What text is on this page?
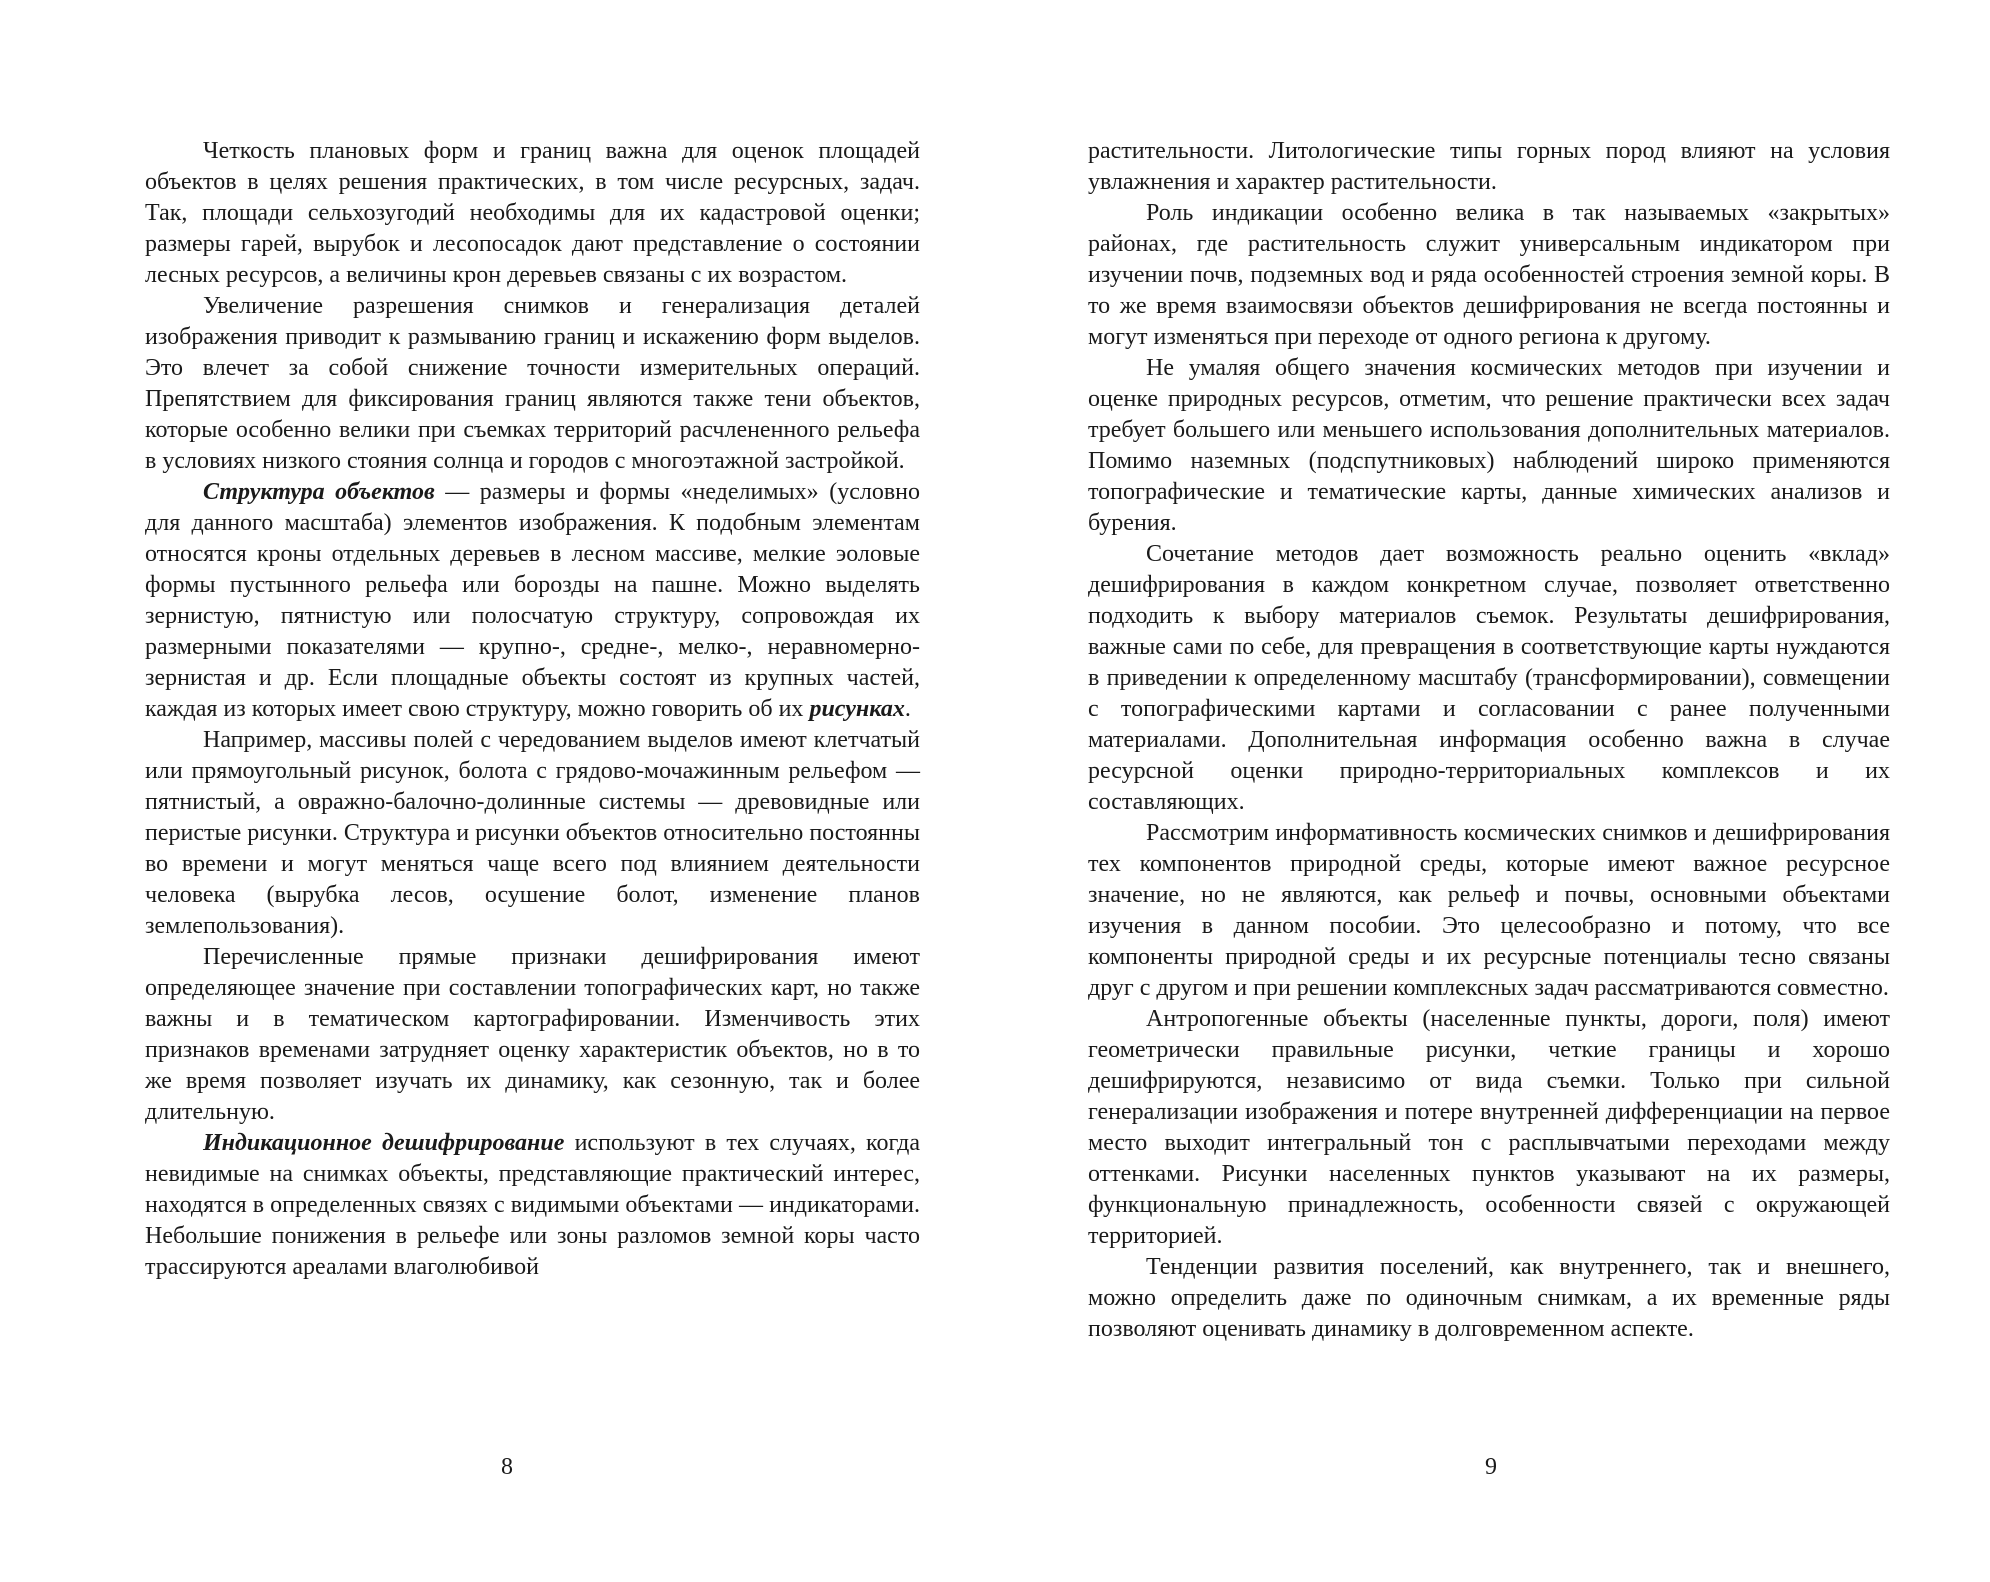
Четкость плановых форм и границ важна для оценок площадей объектов в целях решения практических, в том числе ресурсных, задач. Так, площади сельхозугодий необходимы для их кадастровой оценки; размеры гарей, вырубок и лесопосадок дают представление о состоянии лесных ресурсов, а величины крон деревьев связаны с их возрастом.

Увеличение разрешения снимков и генерализация деталей изображения приводит к размыванию границ и искажению форм выделов. Это влечет за собой снижение точности измерительных операций. Препятствием для фиксирования границ являются также тени объектов, которые особенно велики при съемках территорий расчлененного рельефа в условиях низкого стояния солнца и городов с многоэтажной застройкой.

Структура объектов — размеры и формы «неделимых» (условно для данного масштаба) элементов изображения. К подобным элементам относятся кроны отдельных деревьев в лесном массиве, мелкие эоловые формы пустынного рельефа или борозды на пашне. Можно выделять зернистую, пятнистую или полосчатую структуру, сопровождая их размерными показателями — крупно-, средне-, мелко-, неравномерно-зернистая и др. Если площадные объекты состоят из крупных частей, каждая из которых имеет свою структуру, можно говорить об их рисунках.

Например, массивы полей с чередованием выделов имеют клетчатый или прямоугольный рисунок, болота с грядово-мочажинным рельефом — пятнистый, а овражно-балочно-долинные системы — древовидные или перистые рисунки. Структура и рисунки объектов относительно постоянны во времени и могут меняться чаще всего под влиянием деятельности человека (вырубка лесов, осушение болот, изменение планов землепользования).

Перечисленные прямые признаки дешифрирования имеют определяющее значение при составлении топографических карт, но также важны и в тематическом картографировании. Изменчивость этих признаков временами затрудняет оценку характеристик объектов, но в то же время позволяет изучать их динамику, как сезонную, так и более длительную.

Индикационное дешифрирование используют в тех случаях, когда невидимые на снимках объекты, представляющие практический интерес, находятся в определенных связях с видимыми объектами — индикаторами. Небольшие понижения в рельефе или зоны разломов земной коры часто трассируются ареалами влаголюбивой

8

растительности. Литологические типы горных пород влияют на условия увлажнения и характер растительности.

Роль индикации особенно велика в так называемых «закрытых» районах, где растительность служит универсальным индикатором при изучении почв, подземных вод и ряда особенностей строения земной коры. В то же время взаимосвязи объектов дешифрирования не всегда постоянны и могут изменяться при переходе от одного региона к другому.

Не умаляя общего значения космических методов при изучении и оценке природных ресурсов, отметим, что решение практически всех задач требует большего или меньшего использования дополнительных материалов. Помимо наземных (подспутниковых) наблюдений широко применяются топографические и тематические карты, данные химических анализов и бурения.

Сочетание методов дает возможность реально оценить «вклад» дешифрирования в каждом конкретном случае, позволяет ответственно подходить к выбору материалов съемок. Результаты дешифрирования, важные сами по себе, для превращения в соответствующие карты нуждаются в приведении к определенному масштабу (трансформировании), совмещении с топографическими картами и согласовании с ранее полученными материалами. Дополнительная информация особенно важна в случае ресурсной оценки природно-территориальных комплексов и их составляющих.

Рассмотрим информативность космических снимков и дешифрирования тех компонентов природной среды, которые имеют важное ресурсное значение, но не являются, как рельеф и почвы, основными объектами изучения в данном пособии. Это целесообразно и потому, что все компоненты природной среды и их ресурсные потенциалы тесно связаны друг с другом и при решении комплексных задач рассматриваются совместно.

Антропогенные объекты (населенные пункты, дороги, поля) имеют геометрически правильные рисунки, четкие границы и хорошо дешифрируются, независимо от вида съемки. Только при сильной генерализации изображения и потере внутренней дифференциации на первое место выходит интегральный тон с расплывчатыми переходами между оттенками. Рисунки населенных пунктов указывают на их размеры, функциональную принадлежность, особенности связей с окружающей территорией.

Тенденции развития поселений, как внутреннего, так и внешнего, можно определить даже по одиночным снимкам, а их временные ряды позволяют оценивать динамику в долговременном аспекте.

9
